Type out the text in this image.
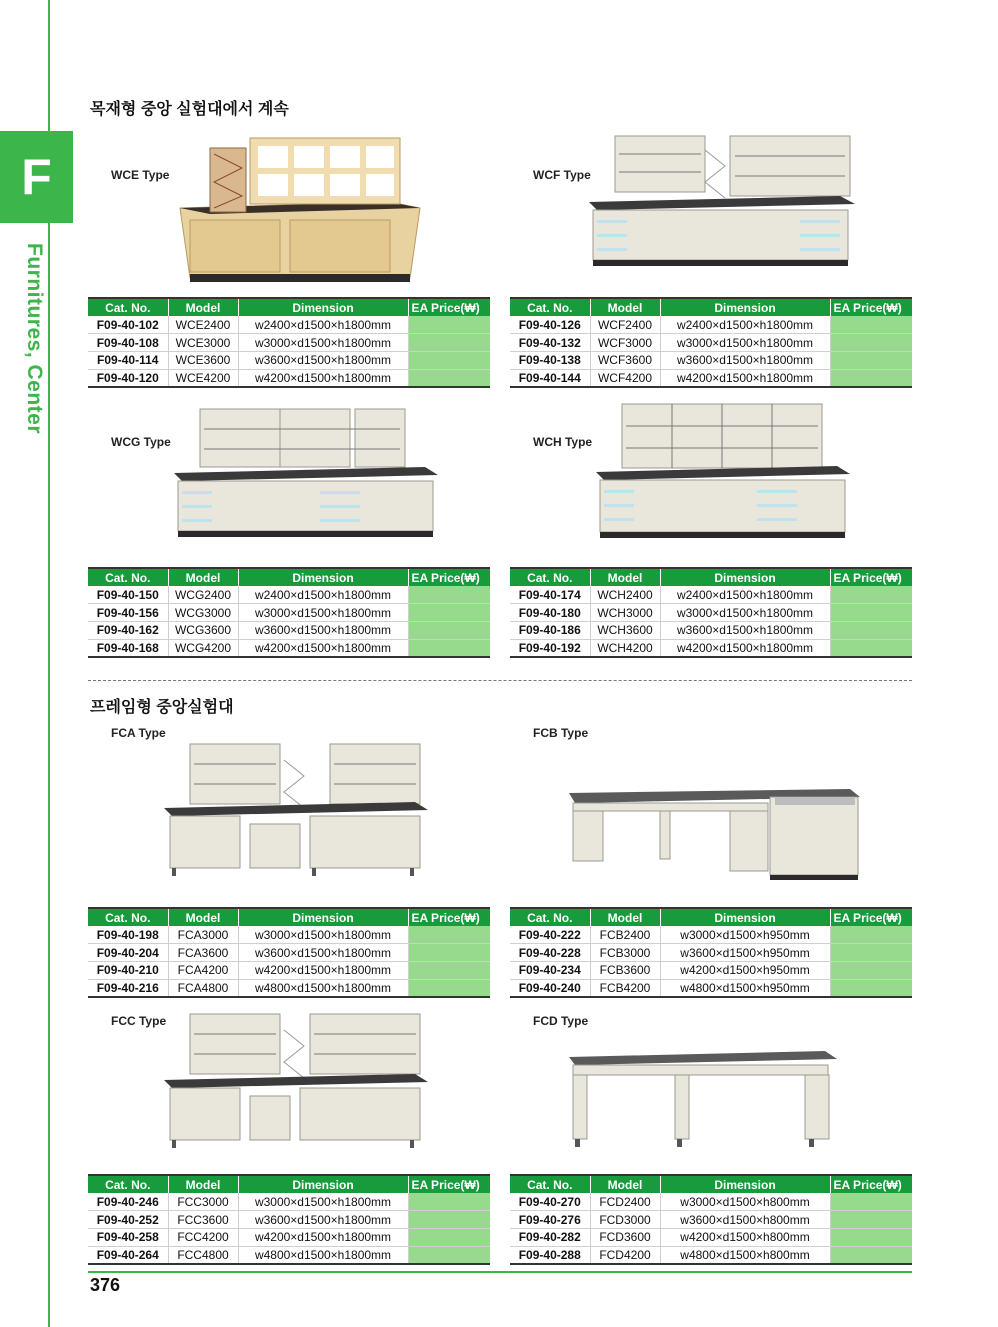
F
Furnitures, Center
목재형 중앙 실험대에서 계속
프레임형 중앙실험대
WCE Type	WCF Type
WCG Type	WCH Type
FCA Type	FCB Type
FCC Type	FCD Type
Cat. No.	Model	Dimension	EA Price(₩)
F09-40-102	WCE2400	w2400×d1500×h1800mm	
F09-40-108	WCE3000	w3000×d1500×h1800mm	
F09-40-114	WCE3600	w3600×d1500×h1800mm	
F09-40-120	WCE4200	w4200×d1500×h1800mm	
Cat. No.	Model	Dimension	EA Price(₩)
F09-40-126	WCF2400	w2400×d1500×h1800mm	
F09-40-132	WCF3000	w3000×d1500×h1800mm	
F09-40-138	WCF3600	w3600×d1500×h1800mm	
F09-40-144	WCF4200	w4200×d1500×h1800mm	
Cat. No.	Model	Dimension	EA Price(₩)
F09-40-150	WCG2400	w2400×d1500×h1800mm	
F09-40-156	WCG3000	w3000×d1500×h1800mm	
F09-40-162	WCG3600	w3600×d1500×h1800mm	
F09-40-168	WCG4200	w4200×d1500×h1800mm	
Cat. No.	Model	Dimension	EA Price(₩)
F09-40-174	WCH2400	w2400×d1500×h1800mm	
F09-40-180	WCH3000	w3000×d1500×h1800mm	
F09-40-186	WCH3600	w3600×d1500×h1800mm	
F09-40-192	WCH4200	w4200×d1500×h1800mm	
Cat. No.	Model	Dimension	EA Price(₩)
F09-40-198	FCA3000	w3000×d1500×h1800mm	
F09-40-204	FCA3600	w3600×d1500×h1800mm	
F09-40-210	FCA4200	w4200×d1500×h1800mm	
F09-40-216	FCA4800	w4800×d1500×h1800mm	
Cat. No.	Model	Dimension	EA Price(₩)
F09-40-222	FCB2400	w3000×d1500×h950mm	
F09-40-228	FCB3000	w3600×d1500×h950mm	
F09-40-234	FCB3600	w4200×d1500×h950mm	
F09-40-240	FCB4200	w4800×d1500×h950mm	
Cat. No.	Model	Dimension	EA Price(₩)
F09-40-246	FCC3000	w3000×d1500×h1800mm	
F09-40-252	FCC3600	w3600×d1500×h1800mm	
F09-40-258	FCC4200	w4200×d1500×h1800mm	
F09-40-264	FCC4800	w4800×d1500×h1800mm	
Cat. No.	Model	Dimension	EA Price(₩)
F09-40-270	FCD2400	w3000×d1500×h800mm	
F09-40-276	FCD3000	w3600×d1500×h800mm	
F09-40-282	FCD3600	w4200×d1500×h800mm	
F09-40-288	FCD4200	w4800×d1500×h800mm	
376
